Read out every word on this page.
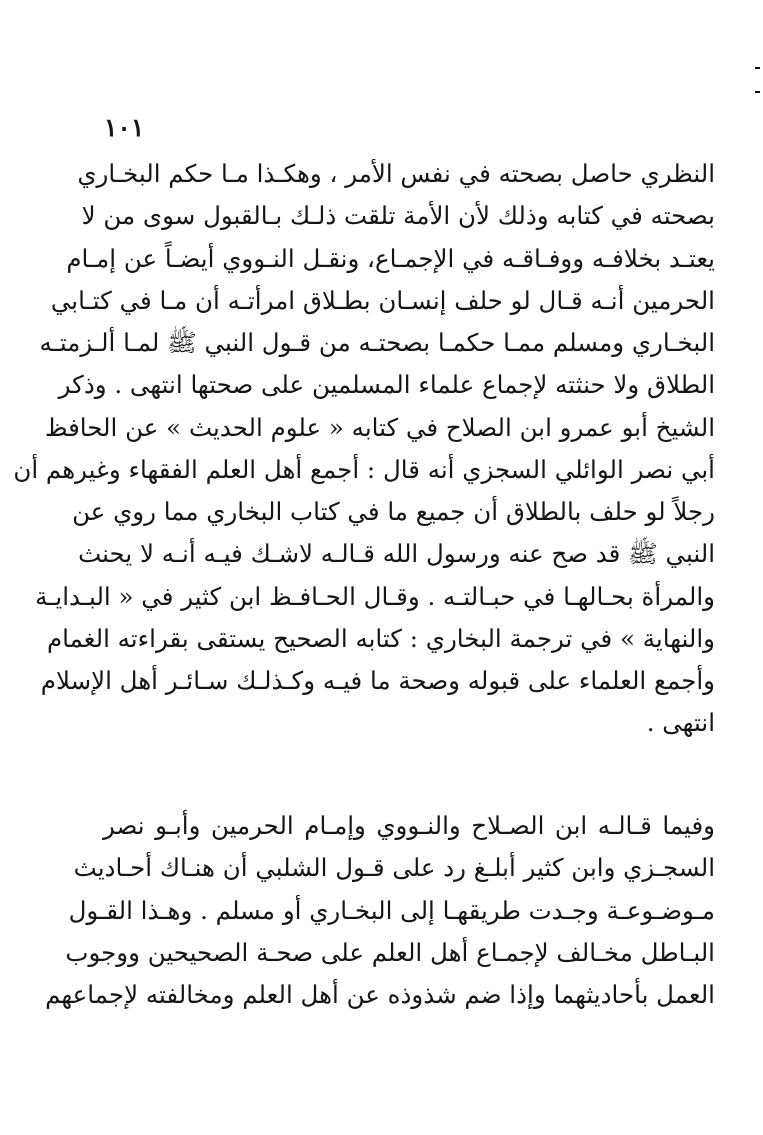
١٠١
النظري حاصل بصحته في نفس الأمر ، وهكـذا مـا حكم البخـاري
بصحته في كتابه وذلك لأن الأمة تلقت ذلـك بـالقبول سوى من لا
يعتـد بخلافـه ووفـاقـه في الإجمـاع، ونقـل النـووي أيضـاً عن إمـام
الحرمين أنـه قـال لو حلف إنسـان بطـلاق امرأتـه أن مـا في كتـابي
البخـاري ومسلم ممـا حكمـا بصحتـه من قـول النبي ﷺ لمـا ألـزمتـه
الطلاق ولا حنثته لإجماع علماء المسلمين على صحتها انتهى . وذكر
الشيخ أبو عمرو ابن الصلاح في كتابه « علوم الحديث » عن الحافظ
أبي نصر الوائلي السجزي أنه قال : أجمع أهل العلم الفقهاء وغيرهم أن
رجلاً لو حلف بالطلاق أن جميع ما في كتاب البخاري مما روي عن
النبي ﷺ قد صح عنه ورسول الله قـالـه لاشـك فيـه أنـه لا يحنث
والمرأة بحـالهـا في حبـالتـه . وقـال الحـافـظ ابن كثير في « البـدايـة
والنهاية » في ترجمة البخاري : كتابه الصحيح يستقى بقراءته الغمام
وأجمع العلماء على قبوله وصحة ما فيـه وكـذلـك سـائـر أهل الإسلام
انتهى .
وفيما قـالـه ابن الصـلاح والنـووي وإمـام الحرمين وأبـو نصر
السجـزي وابن كثير أبلـغ رد على قـول الشلبي أن هنـاك أحـاديث
مـوضـوعـة وجـدت طريقهـا إلى البخـاري أو مسلم . وهـذا القـول
البـاطل مخـالف لإجمـاع أهل العلم على صحـة الصحيحين ووجوب
العمل بأحاديثهما وإذا ضم شذوذه عن أهل العلم ومخالفته لإجماعهم
